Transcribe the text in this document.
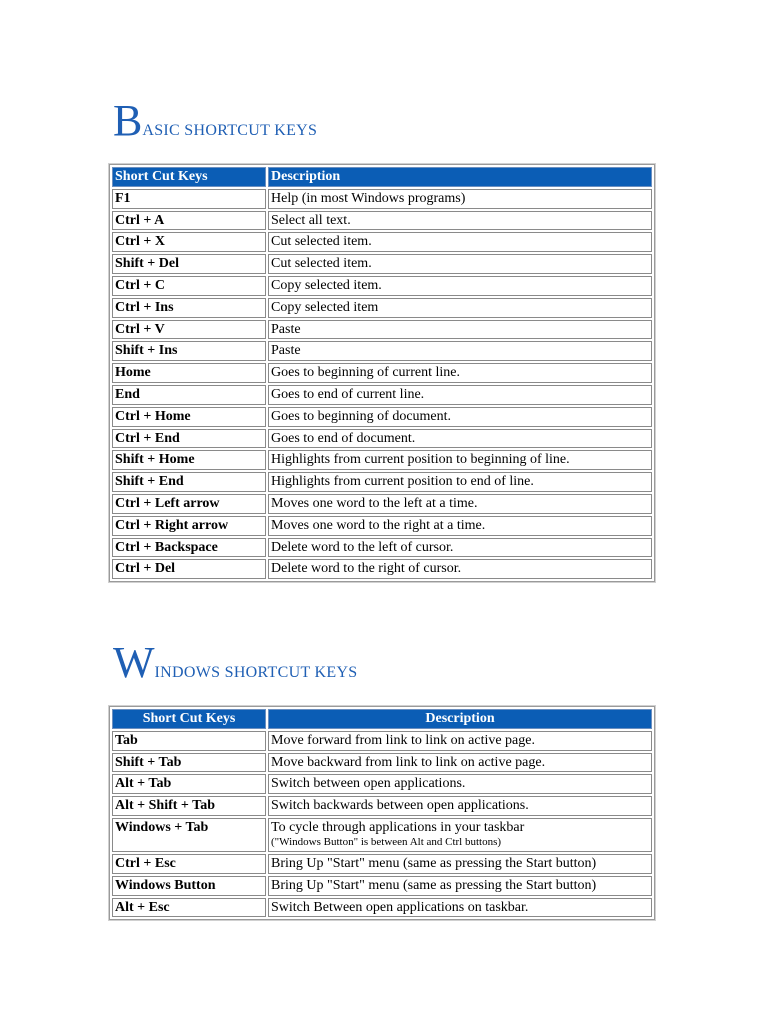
BASIC SHORTCUT KEYS
Short Cut Keys	Description
F1	Help (in most Windows programs)
Ctrl + A	Select all text.
Ctrl + X	Cut selected item.
Shift + Del	Cut selected item.
Ctrl + C	Copy selected item.
Ctrl + Ins	Copy selected item
Ctrl + V	Paste
Shift + Ins	Paste
Home	Goes to beginning of current line.
End	Goes to end of current line.
Ctrl + Home	Goes to beginning of document.
Ctrl + End	Goes to end of document.
Shift + Home	Highlights from current position to beginning of line.
Shift + End	Highlights from current position to end of line.
Ctrl + Left arrow	Moves one word to the left at a time.
Ctrl + Right arrow	Moves one word to the right at a time.
Ctrl + Backspace	Delete word to the left of cursor.
Ctrl + Del	Delete word to the right of cursor.
WINDOWS SHORTCUT KEYS
Short Cut Keys	Description
Tab	Move forward from link to link on active page.
Shift + Tab	Move backward from link to link on active page.
Alt + Tab	Switch between open applications.
Alt + Shift + Tab	Switch backwards between open applications.
Windows + Tab	To cycle through applications in your taskbar
("Windows Button" is between Alt and Ctrl buttons)

Ctrl + Esc	Bring Up "Start" menu (same as pressing the Start button)
Windows Button	Bring Up "Start" menu (same as pressing the Start button)
Alt + Esc	Switch Between open applications on taskbar.
